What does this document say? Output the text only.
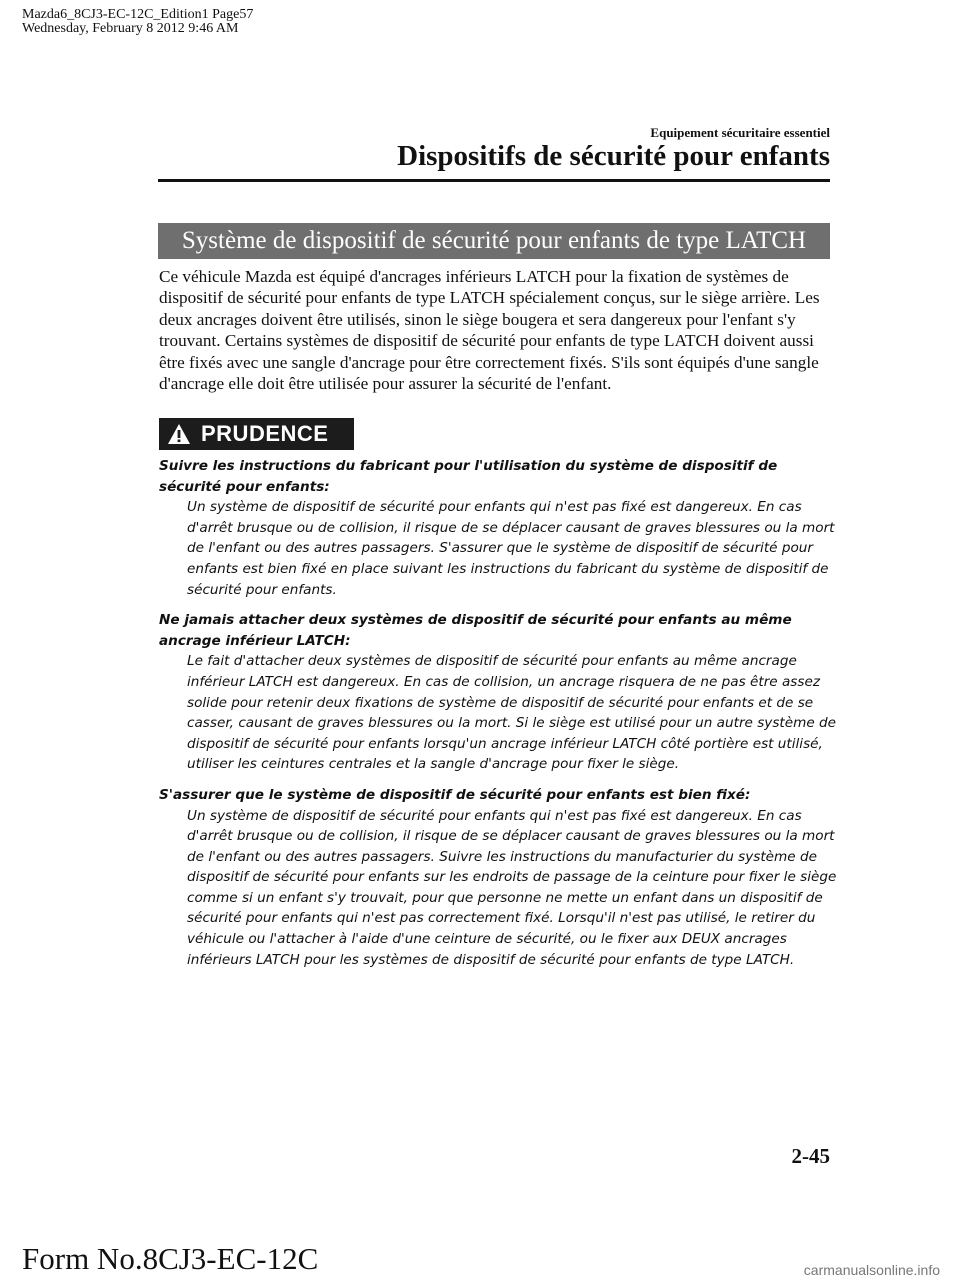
Mazda6_8CJ3-EC-12C_Edition1 Page57
Wednesday, February 8 2012 9:46 AM
Equipement sécuritaire essentiel
Dispositifs de sécurité pour enfants
Système de dispositif de sécurité pour enfants de type LATCH

Ce véhicule Mazda est équipé d'ancrages inférieurs LATCH pour la fixation de systèmes de dispositif de sécurité pour enfants de type LATCH spécialement conçus, sur le siège arrière. Les deux ancrages doivent être utilisés, sinon le siège bougera et sera dangereux pour l'enfant s'y trouvant. Certains systèmes de dispositif de sécurité pour enfants de type LATCH doivent aussi être fixés avec une sangle d'ancrage pour être correctement fixés. S'ils sont équipés d'une sangle d'ancrage elle doit être utilisée pour assurer la sécurité de l'enfant.

PRUDENCE
Suivre les instructions du fabricant pour l'utilisation du système de dispositif de sécurité pour enfants:
Un système de dispositif de sécurité pour enfants qui n'est pas fixé est dangereux. En cas d'arrêt brusque ou de collision, il risque de se déplacer causant de graves blessures ou la mort de l'enfant ou des autres passagers. S'assurer que le système de dispositif de sécurité pour enfants est bien fixé en place suivant les instructions du fabricant du système de dispositif de sécurité pour enfants.
Ne jamais attacher deux systèmes de dispositif de sécurité pour enfants au même ancrage inférieur LATCH:
Le fait d'attacher deux systèmes de dispositif de sécurité pour enfants au même ancrage inférieur LATCH est dangereux. En cas de collision, un ancrage risquera de ne pas être assez solide pour retenir deux fixations de système de dispositif de sécurité pour enfants et de se casser, causant de graves blessures ou la mort. Si le siège est utilisé pour un autre système de dispositif de sécurité pour enfants lorsqu'un ancrage inférieur LATCH côté portière est utilisé, utiliser les ceintures centrales et la sangle d'ancrage pour fixer le siège.
S'assurer que le système de dispositif de sécurité pour enfants est bien fixé:
Un système de dispositif de sécurité pour enfants qui n'est pas fixé est dangereux. En cas d'arrêt brusque ou de collision, il risque de se déplacer causant de graves blessures ou la mort de l'enfant ou des autres passagers. Suivre les instructions du manufacturier du système de dispositif de sécurité pour enfants sur les endroits de passage de la ceinture pour fixer le siège comme si un enfant s'y trouvait, pour que personne ne mette un enfant dans un dispositif de sécurité pour enfants qui n'est pas correctement fixé. Lorsqu'il n'est pas utilisé, le retirer du véhicule ou l'attacher à l'aide d'une ceinture de sécurité, ou le fixer aux DEUX ancrages inférieurs LATCH pour les systèmes de dispositif de sécurité pour enfants de type LATCH.
2-45
Form No.8CJ3-EC-12C	carmanualsonline.info
